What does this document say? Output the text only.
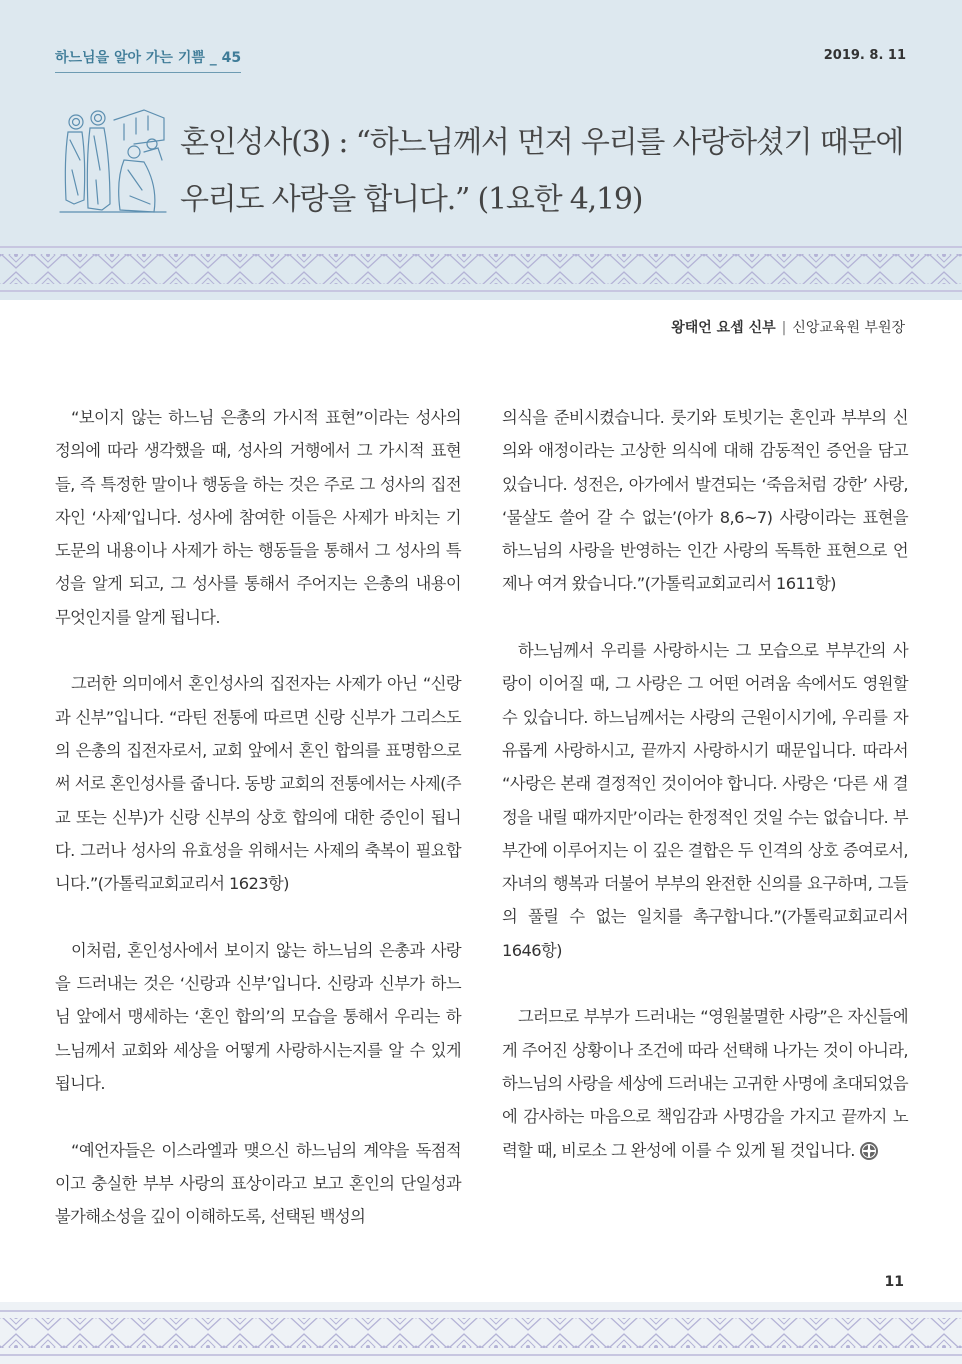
하느님을 알아 가는 기쁨 _ 45	2019. 8. 11
혼인성사(3) : “하느님께서 먼저 우리를 사랑하셨기 때문에
우리도 사랑을 합니다.” (1요한 4,19)
왕태언 요셉 신부 | 신앙교육원 부원장

“보이지 않는 하느님 은총의 가시적 표현”이라는 성사의 정의에 따라 생각했을 때, 성사의 거행에서 그 가시적 표현들, 즉 특정한 말이나 행동을 하는 것은 주로 그 성사의 집전자인 ‘사제’입니다. 성사에 참여한 이들은 사제가 바치는 기도문의 내용이나 사제가 하는 행동들을 통해서 그 성사의 특성을 알게 되고, 그 성사를 통해서 주어지는 은총의 내용이 무엇인지를 알게 됩니다.

그러한 의미에서 혼인성사의 집전자는 사제가 아닌 “신랑과 신부”입니다. “라틴 전통에 따르면 신랑 신부가 그리스도의 은총의 집전자로서, 교회 앞에서 혼인 합의를 표명함으로써 서로 혼인성사를 줍니다. 동방 교회의 전통에서는 사제(주교 또는 신부)가 신랑 신부의 상호 합의에 대한 증인이 됩니다. 그러나 성사의 유효성을 위해서는 사제의 축복이 필요합니다.”(가톨릭교회교리서 1623항)

이처럼, 혼인성사에서 보이지 않는 하느님의 은총과 사랑을 드러내는 것은 ‘신랑과 신부’입니다. 신랑과 신부가 하느님 앞에서 맹세하는 ‘혼인 합의’의 모습을 통해서 우리는 하느님께서 교회와 세상을 어떻게 사랑하시는지를 알 수 있게 됩니다.

“예언자들은 이스라엘과 맺으신 하느님의 계약을 독점적이고 충실한 부부 사랑의 표상이라고 보고 혼인의 단일성과 불가해소성을 깊이 이해하도록, 선택된 백성의

의식을 준비시켰습니다. 룻기와 토빗기는 혼인과 부부의 신의와 애정이라는 고상한 의식에 대해 감동적인 증언을 담고 있습니다. 성전은, 아가에서 발견되는 ‘죽음처럼 강한’ 사랑, ‘물살도 쓸어 갈 수 없는’(아가 8,6~7) 사랑이라는 표현을 하느님의 사랑을 반영하는 인간 사랑의 독특한 표현으로 언제나 여겨 왔습니다.”(가톨릭교회교리서 1611항)

하느님께서 우리를 사랑하시는 그 모습으로 부부간의 사랑이 이어질 때, 그 사랑은 그 어떤 어려움 속에서도 영원할 수 있습니다. 하느님께서는 사랑의 근원이시기에, 우리를 자유롭게 사랑하시고, 끝까지 사랑하시기 때문입니다. 따라서 “사랑은 본래 결정적인 것이어야 합니다. 사랑은 ‘다른 새 결정을 내릴 때까지만’이라는 한정적인 것일 수는 없습니다. 부부간에 이루어지는 이 깊은 결합은 두 인격의 상호 증여로서, 자녀의 행복과 더불어 부부의 완전한 신의를 요구하며, 그들의 풀릴 수 없는 일치를 촉구합니다.”(가톨릭교회교리서 1646항)

그러므로 부부가 드러내는 “영원불멸한 사랑”은 자신들에게 주어진 상황이나 조건에 따라 선택해 나가는 것이 아니라, 하느님의 사랑을 세상에 드러내는 고귀한 사명에 초대되었음에 감사하는 마음으로 책임감과 사명감을 가지고 끝까지 노력할 때, 비로소 그 완성에 이를 수 있게 될 것입니다.

11
